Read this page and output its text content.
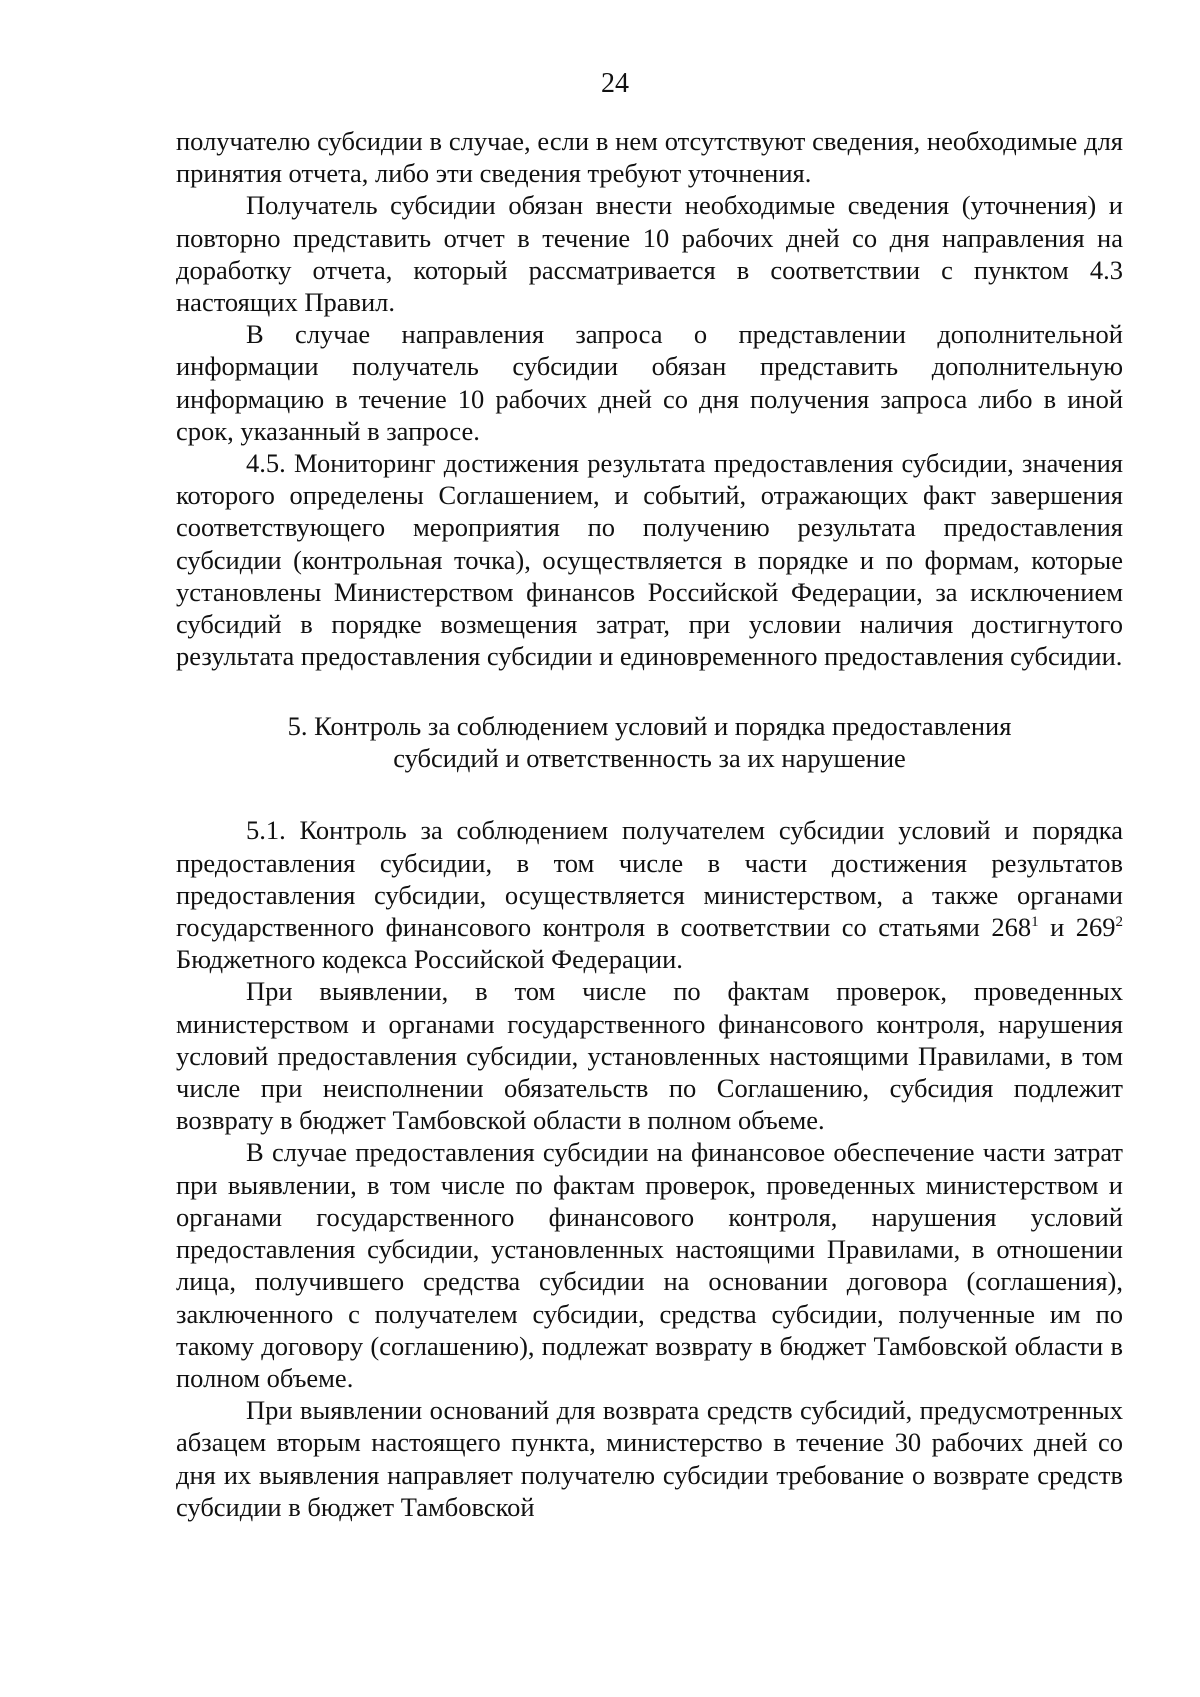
24

получателю субсидии в случае, если в нем отсутствуют сведения, необходимые для принятия отчета, либо эти сведения требуют уточнения.

Получатель субсидии обязан внести необходимые сведения (уточнения) и повторно представить отчет в течение 10 рабочих дней со дня направления на доработку отчета, который рассматривается в соответствии с пунктом 4.3 настоящих Правил.

В случае направления запроса о представлении дополнительной информации получатель субсидии обязан представить дополнительную информацию в течение 10 рабочих дней со дня получения запроса либо в иной срок, указанный в запросе.

4.5. Мониторинг достижения результата предоставления субсидии, значения которого определены Соглашением, и событий, отражающих факт завершения соответствующего мероприятия по получению результата предоставления субсидии (контрольная точка), осуществляется в порядке и по формам, которые установлены Министерством финансов Российской Федерации, за исключением субсидий в порядке возмещения затрат, при условии наличия достигнутого результата предоставления субсидии и единовременного предоставления субсидии.

5. Контроль за соблюдением условий и порядка предоставления
субсидий и ответственность за их нарушение

5.1. Контроль за соблюдением получателем субсидии условий и порядка предоставления субсидии, в том числе в части достижения результатов предоставления субсидии, осуществляется министерством, а также органами государственного финансового контроля в соответствии со статьями $268^1$ и $269^2$ Бюджетного кодекса Российской Федерации.

При выявлении, в том числе по фактам проверок, проведенных министерством и органами государственного финансового контроля, нарушения условий предоставления субсидии, установленных настоящими Правилами, в том числе при неисполнении обязательств по Соглашению, субсидия подлежит возврату в бюджет Тамбовской области в полном объеме.

В случае предоставления субсидии на финансовое обеспечение части затрат при выявлении, в том числе по фактам проверок, проведенных министерством и органами государственного финансового контроля, нарушения условий предоставления субсидии, установленных настоящими Правилами, в отношении лица, получившего средства субсидии на основании договора (соглашения), заключенного с получателем субсидии, средства субсидии, полученные им по такому договору (соглашению), подлежат возврату в бюджет Тамбовской области в полном объеме.

При выявлении оснований для возврата средств субсидий, предусмотренных абзацем вторым настоящего пункта, министерство в течение 30 рабочих дней со дня их выявления направляет получателю субсидии требование о возврате средств субсидии в бюджет Тамбовской
